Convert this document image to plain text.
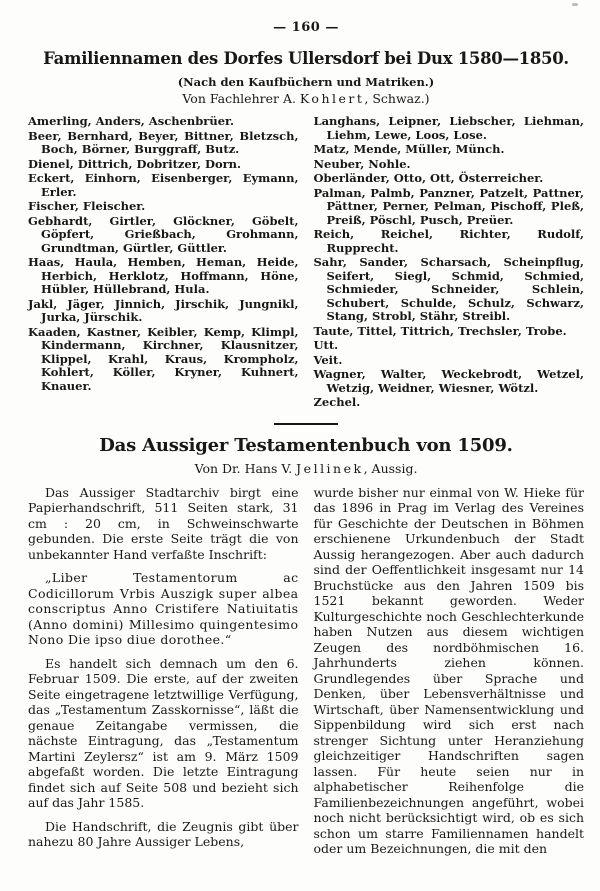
— 160 —
Familiennamen des Dorfes Ullersdorf bei Dux 1580—1850.
(Nach den Kaufbüchern und Matriken.)
Von Fachlehrer A. Kohlert, Schwaz.)

Amerling, Anders, Aschenbrüer.

Beer, Bernhard, Beyer, Bittner, Bletzsch, Boch, Börner, Burggraff, Butz.

Dienel, Dittrich, Dobritzer, Dorn.

Eckert, Einhorn, Eisenberger, Eymann, Erler.

Fischer, Fleischer.

Gebhardt, Girtler, Glöckner, Göbelt, Göpfert, Grießbach, Grohmann, Grundtman, Gürtler, Güttler.

Haas, Haula, Hemben, Heman, Heide, Herbich, Herklotz, Hoffmann, Höne, Hübler, Hüllebrand, Hula.

Jakl, Jäger, Jinnich, Jirschik, Jungnikl, Jurka, Jürschik.

Kaaden, Kastner, Keibler, Kemp, Klimpl, Kindermann, Kirchner, Klausnitzer, Klippel, Krahl, Kraus, Krompholz, Kohlert, Köller, Kryner, Kuhnert, Knauer.

Langhans, Leipner, Liebscher, Liehman, Liehm, Lewe, Loos, Lose.

Matz, Mende, Müller, Münch.

Neuber, Nohle.

Oberländer, Otto, Ott, Österreicher.

Palman, Palmb, Panzner, Patzelt, Pattner, Pättner, Perner, Pelman, Pischoff, Pleß, Preiß, Pöschl, Pusch, Preüer.

Reich, Reichel, Richter, Rudolf, Rupprecht.

Sahr, Sander, Scharsach, Scheinpflug, Seifert, Siegl, Schmid, Schmied, Schmieder, Schneider, Schlein, Schubert, Schulde, Schulz, Schwarz, Stang, Strobl, Stähr, Streibl.

Taute, Tittel, Tittrich, Trechsler, Trobe.

Utt.

Veit.

Wagner, Walter, Weckebrodt, Wetzel, Wetzig, Weidner, Wiesner, Wötzl.

Zechel.

Das Aussiger Testamentenbuch von 1509.
Von Dr. Hans V. Jellinek, Aussig.

Das Aussiger Stadtarchiv birgt eine Papierhandschrift, 511 Seiten stark, 31 cm : 20 cm, in Schweinschwarte gebunden. Die erste Seite trägt die von unbekannter Hand verfaßte Inschrift:

„Liber Testamentorum ac Codicillorum Vrbis Auszigk super albea conscriptus Anno Cristifere Natiuitatis (Anno domini) Millesimo quingentesimo Nono Die ipso diue dorothee.“

Es handelt sich demnach um den 6. Februar 1509. Die erste, auf der zweiten Seite eingetragene letztwillige Verfügung, das „Testamentum Zasskornisse“, läßt die genaue Zeitangabe vermissen, die nächste Eintragung, das „Testamentum Martini Zeylersz“ ist am 9. März 1509 abgefaßt worden. Die letzte Eintragung findet sich auf Seite 508 und bezieht sich auf das Jahr 1585.

Die Handschrift, die Zeugnis gibt über nahezu 80 Jahre Aussiger Lebens,

wurde bisher nur einmal von W. Hieke für das 1896 in Prag im Verlag des Vereines für Geschichte der Deutschen in Böhmen erschienene Urkundenbuch der Stadt Aussig herangezogen. Aber auch dadurch sind der Oeffentlichkeit insgesamt nur 14 Bruchstücke aus den Jahren 1509 bis 1521 bekannt geworden. Weder Kulturgeschichte noch Geschlechterkunde haben Nutzen aus diesem wichtigen Zeugen des nordböhmischen 16. Jahrhunderts ziehen können. Grundlegendes über Sprache und Denken, über Lebensverhältnisse und Wirtschaft, über Namensentwicklung und Sippenbildung wird sich erst nach strenger Sichtung unter Heranziehung gleichzeitiger Handschriften sagen lassen. Für heute seien nur in alphabetischer Reihenfolge die Familienbezeichnungen angeführt, wobei noch nicht berücksichtigt wird, ob es sich schon um starre Familiennamen handelt oder um Bezeichnungen, die mit den
